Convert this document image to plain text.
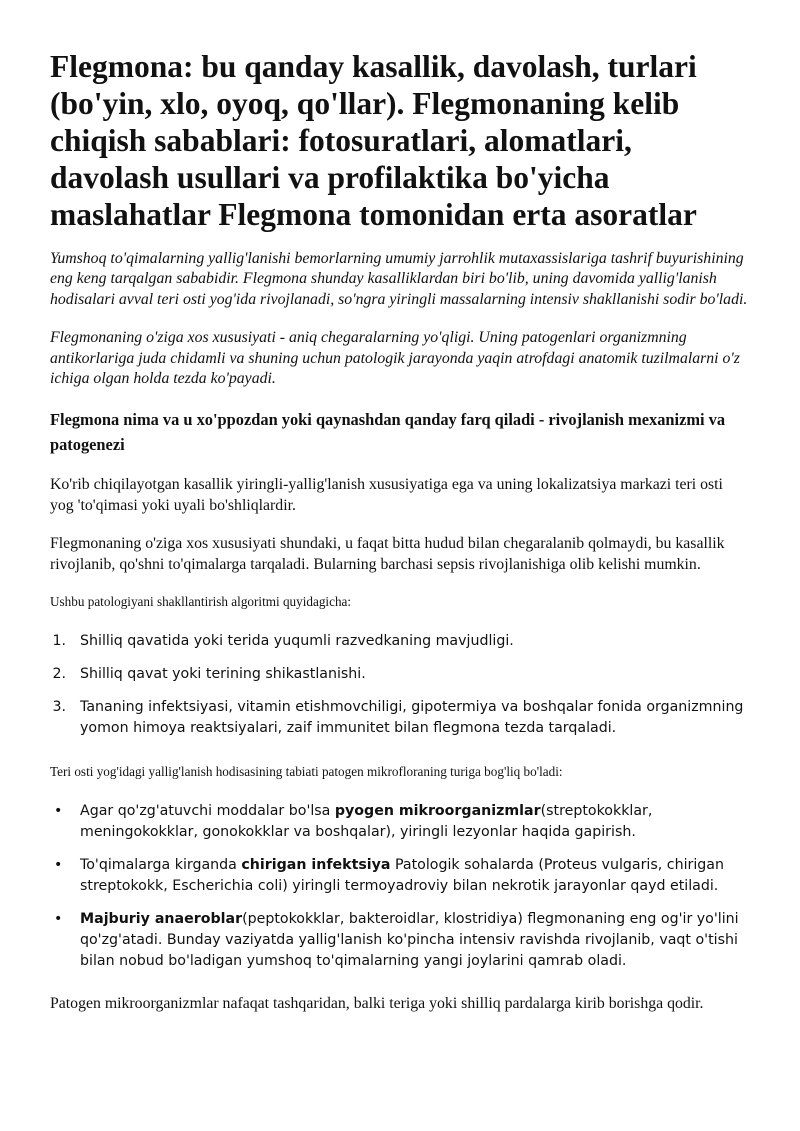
Flegmona: bu qanday kasallik, davolash, turlari (bo'yin, xlo, oyoq, qo'llar). Flegmonaning kelib chiqish sabablari: fotosuratlari, alomatlari, davolash usullari va profilaktika bo'yicha maslahatlar Flegmona tomonidan erta asoratlar

Yumshoq to'qimalarning yallig'lanishi bemorlarning umumiy jarrohlik mutaxassislariga tashrif buyurishining eng keng tarqalgan sababidir. Flegmona shunday kasalliklardan biri bo'lib, uning davomida yallig'lanish hodisalari avval teri osti yog'ida rivojlanadi, so'ngra yiringli massalarning intensiv shakllanishi sodir bo'ladi.

Flegmonaning o'ziga xos xususiyati - aniq chegaralarning yo'qligi. Uning patogenlari organizmning antikorlariga juda chidamli va shuning uchun patologik jarayonda yaqin atrofdagi anatomik tuzilmalarni o'z ichiga olgan holda tezda ko'payadi.

Flegmona nima va u xo'ppozdan yoki qaynashdan qanday farq qiladi - rivojlanish mexanizmi va patogenezi

Ko'rib chiqilayotgan kasallik yiringli-yallig'lanish xususiyatiga ega va uning lokalizatsiya markazi teri osti yog 'to'qimasi yoki uyali bo'shliqlardir.

Flegmonaning o'ziga xos xususiyati shundaki, u faqat bitta hudud bilan chegaralanib qolmaydi, bu kasallik rivojlanib, qo'shni to'qimalarga tarqaladi. Bularning barchasi sepsis rivojlanishiga olib kelishi mumkin.

Ushbu patologiyani shakllantirish algoritmi quyidagicha:

1. Shilliq qavatida yoki terida yuqumli razvedkaning mavjudligi.
2. Shilliq qavat yoki terining shikastlanishi.
3. Tananing infektsiyasi, vitamin etishmovchiligi, gipotermiya va boshqalar fonida organizmning yomon himoya reaktsiyalari, zaif immunitet bilan flegmona tezda tarqaladi.

Teri osti yog'idagi yallig'lanish hodisasining tabiati patogen mikrofloraning turiga bog'liq bo'ladi:

• Agar qo'zg'atuvchi moddalar bo'lsa pyogen mikroorganizmlar(streptokokklar, meningokokklar, gonokokklar va boshqalar), yiringli lezyonlar haqida gapirish.
• To'qimalarga kirganda chirigan infektsiya Patologik sohalarda (Proteus vulgaris, chirigan streptokokk, Escherichia coli) yiringli termoyadroviy bilan nekrotik jarayonlar qayd etiladi.
• Majburiy anaeroblar(peptokokklar, bakteroidlar, klostridiya) flegmonaning eng og'ir yo'lini qo'zg'atadi. Bunday vaziyatda yallig'lanish ko'pincha intensiv ravishda rivojlanib, vaqt o'tishi bilan nobud bo'ladigan yumshoq to'qimalarning yangi joylarini qamrab oladi.

Patogen mikroorganizmlar nafaqat tashqaridan, balki teriga yoki shilliq pardalarga kirib borishga qodir.
